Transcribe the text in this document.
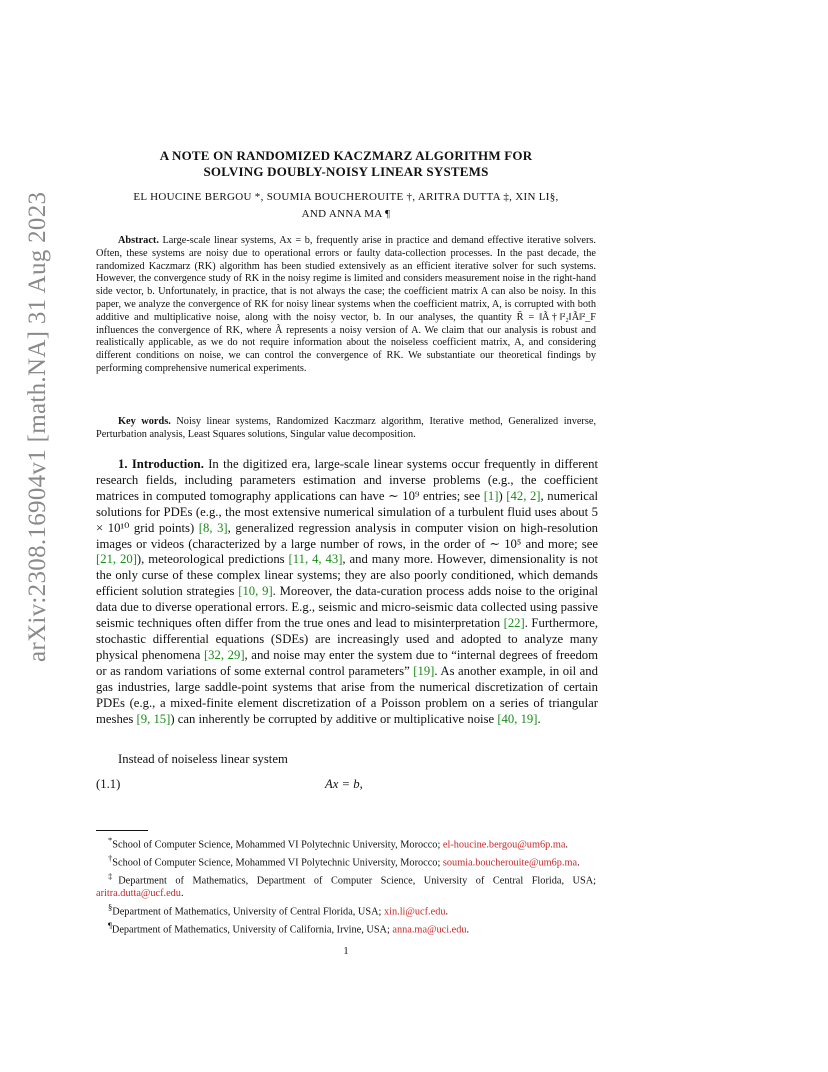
arXiv:2308.16904v1 [math.NA] 31 Aug 2023
A NOTE ON RANDOMIZED KACZMARZ ALGORITHM FOR
SOLVING DOUBLY-NOISY LINEAR SYSTEMS
EL HOUCINE BERGOU *, SOUMIA BOUCHEROUITE †, ARITRA DUTTA ‡, XIN LI§,
AND ANNA MA ¶
Abstract. Large-scale linear systems, Ax = b, frequently arise in practice and demand effective iterative solvers. Often, these systems are noisy due to operational errors or faulty data-collection processes. In the past decade, the randomized Kaczmarz (RK) algorithm has been studied extensively as an efficient iterative solver for such systems. However, the convergence study of RK in the noisy regime is limited and considers measurement noise in the right-hand side vector, b. Unfortunately, in practice, that is not always the case; the coefficient matrix A can also be noisy. In this paper, we analyze the convergence of RK for noisy linear systems when the coefficient matrix, A, is corrupted with both additive and multiplicative noise, along with the noisy vector, b. In our analyses, the quantity R̃ = ‖Ã†‖²₂‖Ã‖²_F influences the convergence of RK, where Ã represents a noisy version of A. We claim that our analysis is robust and realistically applicable, as we do not require information about the noiseless coefficient matrix, A, and considering different conditions on noise, we can control the convergence of RK. We substantiate our theoretical findings by performing comprehensive numerical experiments.
Key words. Noisy linear systems, Randomized Kaczmarz algorithm, Iterative method, Generalized inverse, Perturbation analysis, Least Squares solutions, Singular value decomposition.
1. Introduction. In the digitized era, large-scale linear systems occur frequently in different research fields, including parameters estimation and inverse problems (e.g., the coefficient matrices in computed tomography applications can have ∼ 10⁹ entries; see [1]) [42, 2], numerical solutions for PDEs (e.g., the most extensive numerical simulation of a turbulent fluid uses about 5 × 10¹⁰ grid points) [8, 3], generalized regression analysis in computer vision on high-resolution images or videos (characterized by a large number of rows, in the order of ∼ 10⁵ and more; see [21, 20]), meteorological predictions [11, 4, 43], and many more. However, dimensionality is not the only curse of these complex linear systems; they are also poorly conditioned, which demands efficient solution strategies [10, 9]. Moreover, the data-curation process adds noise to the original data due to diverse operational errors. E.g., seismic and micro-seismic data collected using passive seismic techniques often differ from the true ones and lead to misinterpretation [22]. Furthermore, stochastic differential equations (SDEs) are increasingly used and adopted to analyze many physical phenomena [32, 29], and noise may enter the system due to “internal degrees of freedom or as random variations of some external control parameters” [19]. As another example, in oil and gas industries, large saddle-point systems that arise from the numerical discretization of certain PDEs (e.g., a mixed-finite element discretization of a Poisson problem on a series of triangular meshes [9, 15]) can inherently be corrupted by additive or multiplicative noise [40, 19].
Instead of noiseless linear system
(1.1)	Ax = b,
*School of Computer Science, Mohammed VI Polytechnic University, Morocco; el-houcine.bergou@um6p.ma.
†School of Computer Science, Mohammed VI Polytechnic University, Morocco; soumia.boucherouite@um6p.ma.
‡Department of Mathematics, Department of Computer Science, University of Central Florida, USA; aritra.dutta@ucf.edu.
§Department of Mathematics, University of Central Florida, USA; xin.li@ucf.edu.
¶Department of Mathematics, University of California, Irvine, USA; anna.ma@uci.edu.
1
